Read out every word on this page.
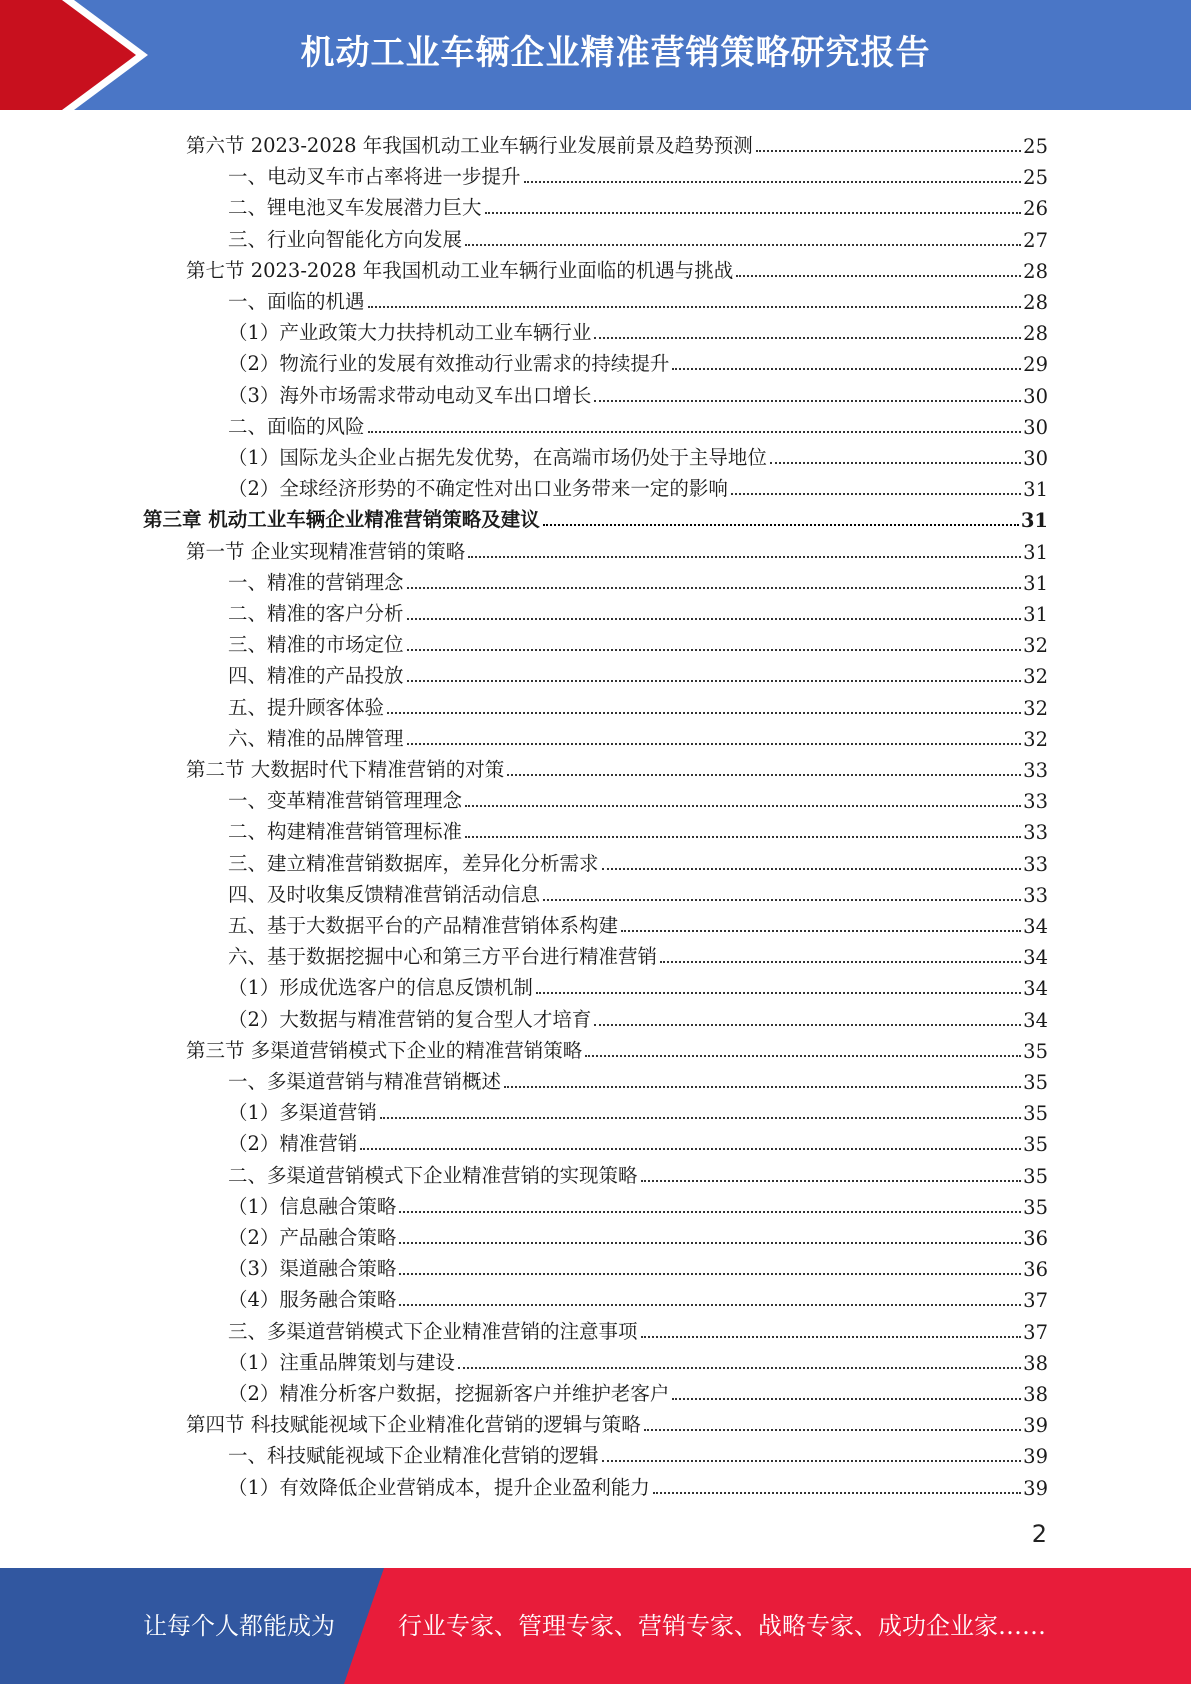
机动工业车辆企业精准营销策略研究报告
第六节 2023-2028 年我国机动工业车辆行业发展前景及趋势预测	25
一、电动叉车市占率将进一步提升	25
二、锂电池叉车发展潜力巨大	26
三、行业向智能化方向发展	27
第七节 2023-2028 年我国机动工业车辆行业面临的机遇与挑战	28
一、面临的机遇	28
（1）产业政策大力扶持机动工业车辆行业	28
（2）物流行业的发展有效推动行业需求的持续提升	29
（3）海外市场需求带动电动叉车出口增长	30
二、面临的风险	30
（1）国际龙头企业占据先发优势，在高端市场仍处于主导地位	30
（2）全球经济形势的不确定性对出口业务带来一定的影响	31
第三章 机动工业车辆企业精准营销策略及建议	31
第一节 企业实现精准营销的策略	31
一、精准的营销理念	31
二、精准的客户分析	31
三、精准的市场定位	32
四、精准的产品投放	32
五、提升顾客体验	32
六、精准的品牌管理	32
第二节 大数据时代下精准营销的对策	33
一、变革精准营销管理理念	33
二、构建精准营销管理标准	33
三、建立精准营销数据库，差异化分析需求	33
四、及时收集反馈精准营销活动信息	33
五、基于大数据平台的产品精准营销体系构建	34
六、基于数据挖掘中心和第三方平台进行精准营销	34
（1）形成优选客户的信息反馈机制	34
（2）大数据与精准营销的复合型人才培育	34
第三节 多渠道营销模式下企业的精准营销策略	35
一、多渠道营销与精准营销概述	35
（1）多渠道营销	35
（2）精准营销	35
二、多渠道营销模式下企业精准营销的实现策略	35
（1）信息融合策略	35
（2）产品融合策略	36
（3）渠道融合策略	36
（4）服务融合策略	37
三、多渠道营销模式下企业精准营销的注意事项	37
（1）注重品牌策划与建设	38
（2）精准分析客户数据，挖掘新客户并维护老客户	38
第四节 科技赋能视域下企业精准化营销的逻辑与策略	39
一、科技赋能视域下企业精准化营销的逻辑	39
（1）有效降低企业营销成本，提升企业盈利能力	39
2
让每个人都能成为	行业专家、管理专家、营销专家、战略专家、成功企业家……
